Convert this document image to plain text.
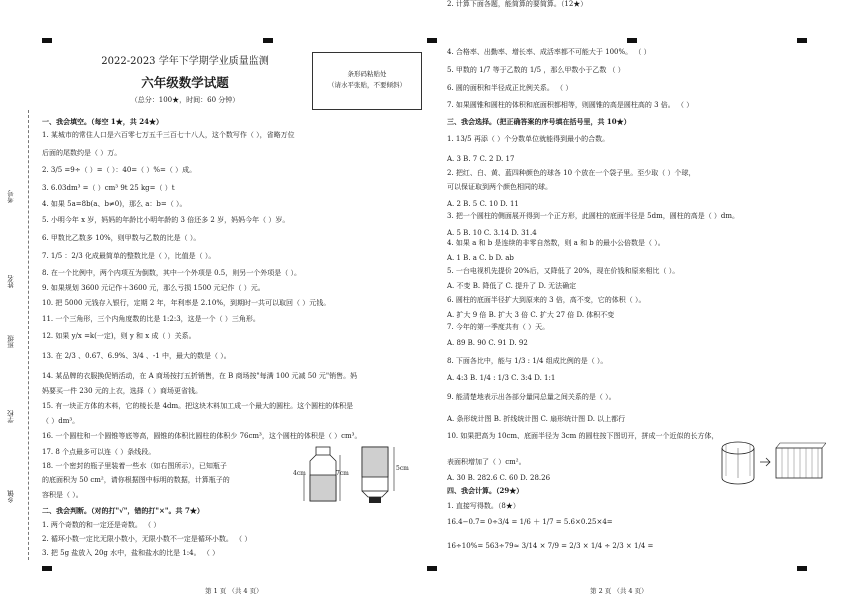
考号
姓名
班级
学校
乡镇
2022-2023 学年下学期学业质量监测
六年级数学试题
（总分：100★，时间：60 分钟）
条形码粘贴处
（请水平张贴，不要倾斜）
一、我会填空。（每空 1★，共 24★）
1. 某城市的常住人口是六百零七万五千三百七十八人，这个数写作（ ），省略万位
后面的尾数约是（ ）万。
2. 3/5 =9÷（ ）=（ ）：40=（ ）%=（ ）成。
3. 6.03dm³ =（ ）cm³ 9t 25 kg=（ ）t
4. 如果 5a=8b(a、b≠0)，那么 a：b=（ ）。
5. 小明今年 x 岁，妈妈的年龄比小明年龄的 3 倍还多 2 岁，妈妈今年（ ）岁。
6. 甲数比乙数多 10%，则甲数与乙数的比是（ ）。
7. 1/5 ：2/3 化成最简单的整数比是（ ），比值是（ ）。
8. 在一个比例中，两个内项互为倒数，其中一个外项是 0.5，则另一个外项是（ ）。
9. 如果规划 3600 元记作＋3600 元，那么亏损 1500 元记作（ ）元。
10. 把 5000 元钱存入银行，定期 2 年，年利率是 2.10%，到期时一共可以取回（ ）元钱。
11. 一个三角形，三个内角度数的比是 1:2:3，这是一个（ ）三角形。
12. 如果 y/x =k(一定)，则 y 和 x 成（ ）关系。
13. 在 2/3 、0.67、6.9%、3/4 、-1 中，最大的数是（ ）。
14. 某品牌的衣服换促销活动，在 A 商场按打五折销售，在 B 商场按"每满 100 元减 50 元"销售。妈
妈要买一件 230 元的上衣，选择（ ）商场更省钱。
15. 有一块正方体的木料，它的棱长是 4dm。把这块木料加工成一个最大的圆柱。这个圆柱的体积是
（ ）dm³。
16. 一个圆柱和一个圆锥等底等高，圆锥的体积比圆柱的体积少 76cm³，这个圆柱的体积是（ ）cm³。
17. 8 个点最多可以连（ ）条线段。
18. 一个密封的瓶子里装着一些水（如右图所示），已知瓶子
的底面积为 50 cm²，请你根据图中标明的数据，计算瓶子的
容积是（ ）。
二、我会判断。（对的打"√"，错的打"×"。共 7★）
1. 两个奇数的和一定还是奇数。 （ ）
2. 循环小数一定比无限小数小，无限小数不一定是循环小数。 （ ）
3. 把 5g 盐放入 20g 水中，盐和盐水的比是 1:4。 （ ）
4. 合格率、出勤率、增长率、成活率都不可能大于 100%。 （ ）
5. 甲数的 1/7 等于乙数的 1/5 ，那么甲数小于乙数 （ ）
6. 圆的面积和半径成正比例关系。 （ ）
7. 如果圆锥和圆柱的体积和底面积都相等，则圆锥的高是圆柱高的 3 倍。 （ ）
三、我会选择。（把正确答案的序号填在括号里，共 10★）
1. 13/5 再添（ ）个分数单位就能得到最小的合数。
A. 3 B. 7 C. 2 D. 17
2. 把红、白、黄、蓝四种颜色的球各 10 个放在一个袋子里。至少取（ ）个球，
可以保证取到两个颜色相同的球。
A. 2 B. 5 C. 10 D. 11
3. 把一个圆柱的侧面展开得到一个正方形，此圆柱的底面半径是 5dm，圆柱的高是（ ）dm。
A. 5 B. 10 C. 3.14 D. 31.4
4. 如果 a 和 b 是连续的非零自然数，则 a 和 b 的最小公倍数是（ ）。
A. 1 B. a C. b D. ab
5. 一台电视机先提价 20%后，又降低了 20%，现在价钱和原来相比（ ）。
A. 不变 B. 降低了 C. 提升了 D. 无法确定
6. 圆柱的底面半径扩大到原来的 3 倍，高不变，它的体积（ ）。
A. 扩大 9 倍 B. 扩大 3 倍 C. 扩大 27 倍 D. 体积不变
7. 今年的第一季度共有（ ）天。
A. 89 B. 90 C. 91 D. 92
8. 下面各比中，能与 1/3 : 1/4 组成比例的是（ ）。
A. 4:3 B. 1/4 : 1/3 C. 3:4 D. 1:1
9. 能清楚地表示出各部分量同总量之间关系的是（ ）。
A. 条形统计图 B. 折线统计图 C. 扇形统计图 D. 以上都行
10. 如果把高为 10cm、底面半径为 3cm 的圆柱按下图切开，拼成一个近似的长方体，
表面积增加了（ ）cm²。
A. 30 B. 282.6 C. 60 D. 28.26
四、我会计算。（29★）
1. 直接写得数。（8★）
16.4−0.7= 0÷3/4 = 1/6 ＋ 1/7 = 5.6×0.25×4=
16÷10%= 563÷79≈ 3/14 × 7/9 = 2/3 × 1/4 ÷ 2/3 × 1/4 =
2. 计算下面各题，能简算的要简算。（12★）
7cm
4cm
5cm
第 1 页 （共 4 页）	第 2 页 （共 4 页）
